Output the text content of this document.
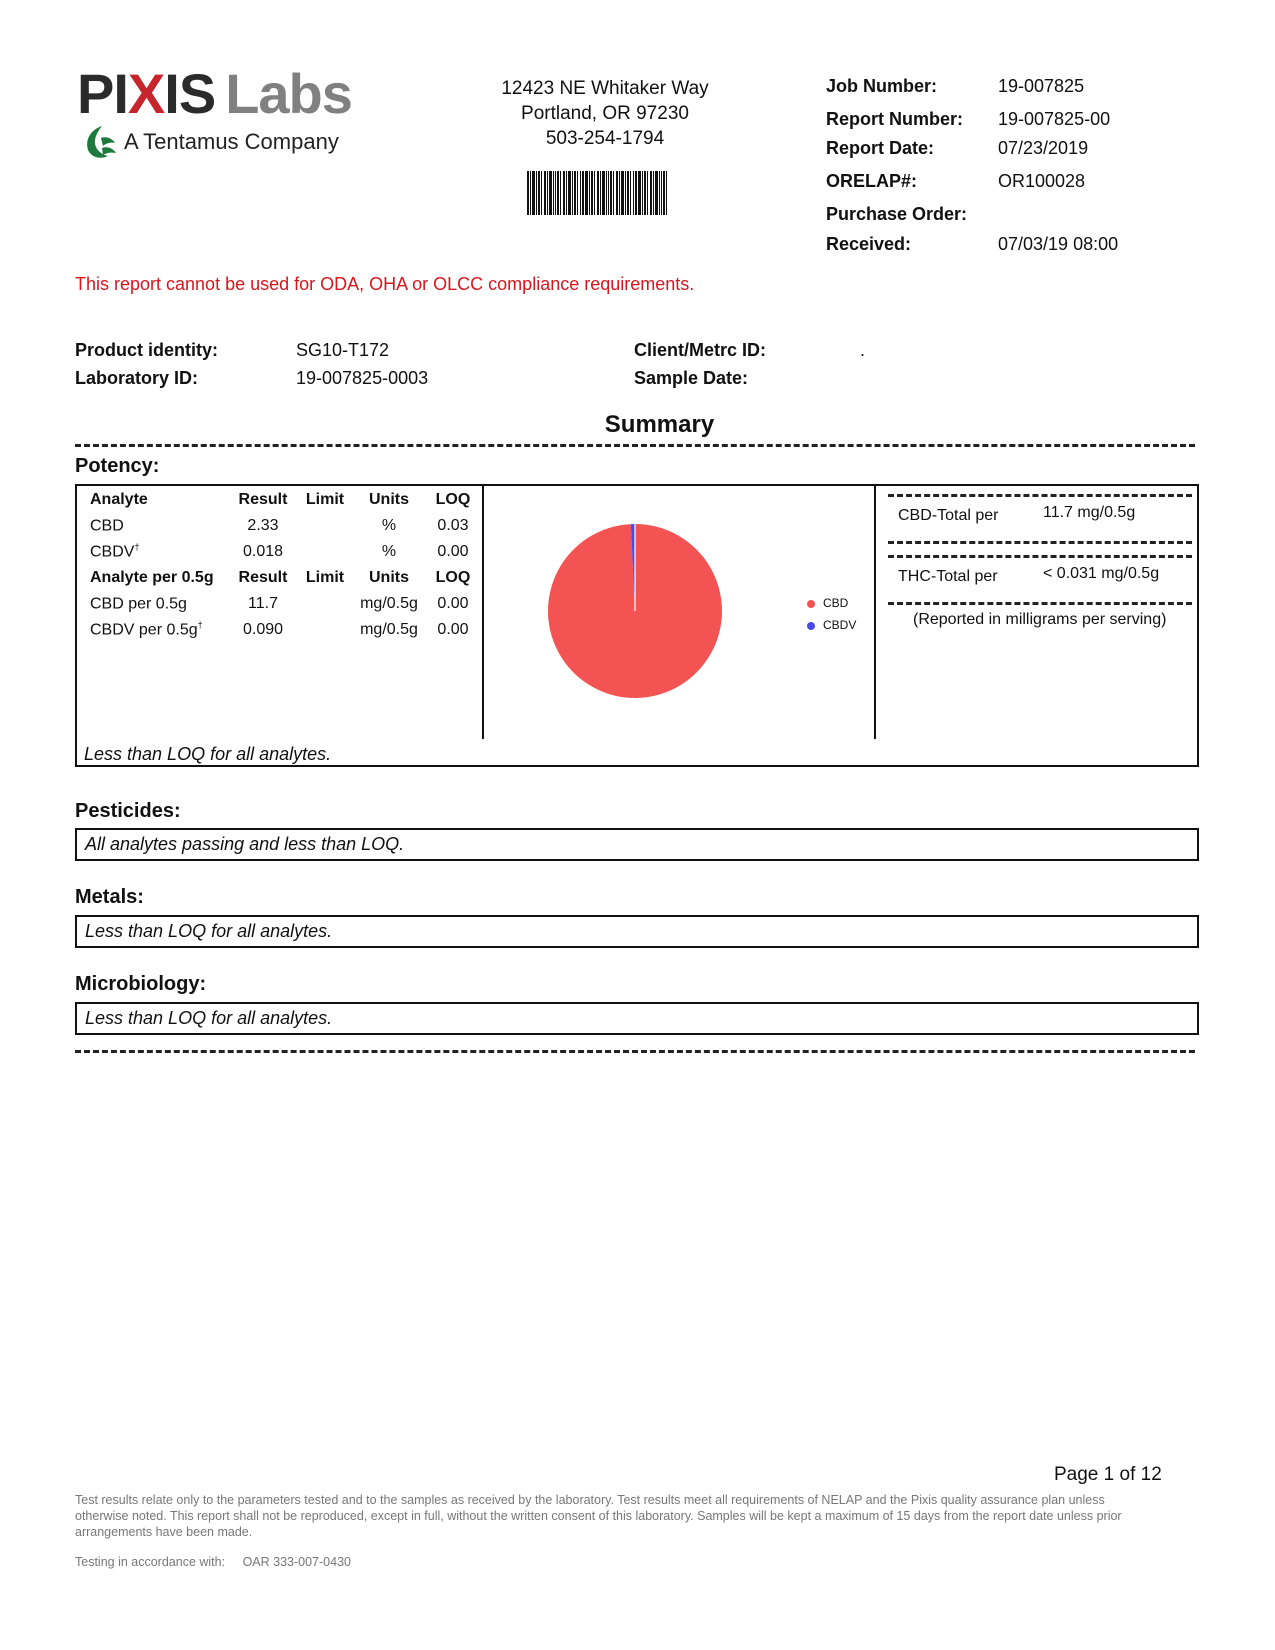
PIXIS Labs
A Tentamus Company
12423 NE Whitaker Way
Portland, OR 97230
503-254-1794
Job Number:	19-007825
Report Number: 19-007825-00
Report Date:	07/23/2019
ORELAP#:	OR100028
Purchase Order:
Received:	07/03/19 08:00
This report cannot be used for ODA, OHA or OLCC compliance requirements.
Product identity:	SG10-T172
Laboratory ID:	19-007825-0003
Client/Metrc ID:	.
Sample Date:
Summary
Potency:
Analyte	Result	Limit	Units	LOQ
CBD	2.33		%	0.03
CBDV†	0.018		%	0.00
Analyte per 0.5g	Result	Limit	Units	LOQ
CBD per 0.5g	11.7		mg/0.5g	0.00
CBDV per 0.5g†	0.090		mg/0.5g	0.00
CBD
CBDV
CBD-Total per	11.7 mg/0.5g
THC-Total per	< 0.031 mg/0.5g
(Reported in milligrams per serving)
Less than LOQ for all analytes.
Pesticides:
All analytes passing and less than LOQ.
Metals:
Less than LOQ for all analytes.
Microbiology:
Less than LOQ for all analytes.
Page 1 of 12
Test results relate only to the parameters tested and to the samples as received by the laboratory. Test results meet all requirements of NELAP and the Pixis quality assurance plan unless otherwise noted. This report shall not be reproduced, except in full, without the written consent of this laboratory. Samples will be kept a maximum of 15 days from the report date unless prior arrangements have been made.
Testing in accordance with: OAR 333-007-0430
